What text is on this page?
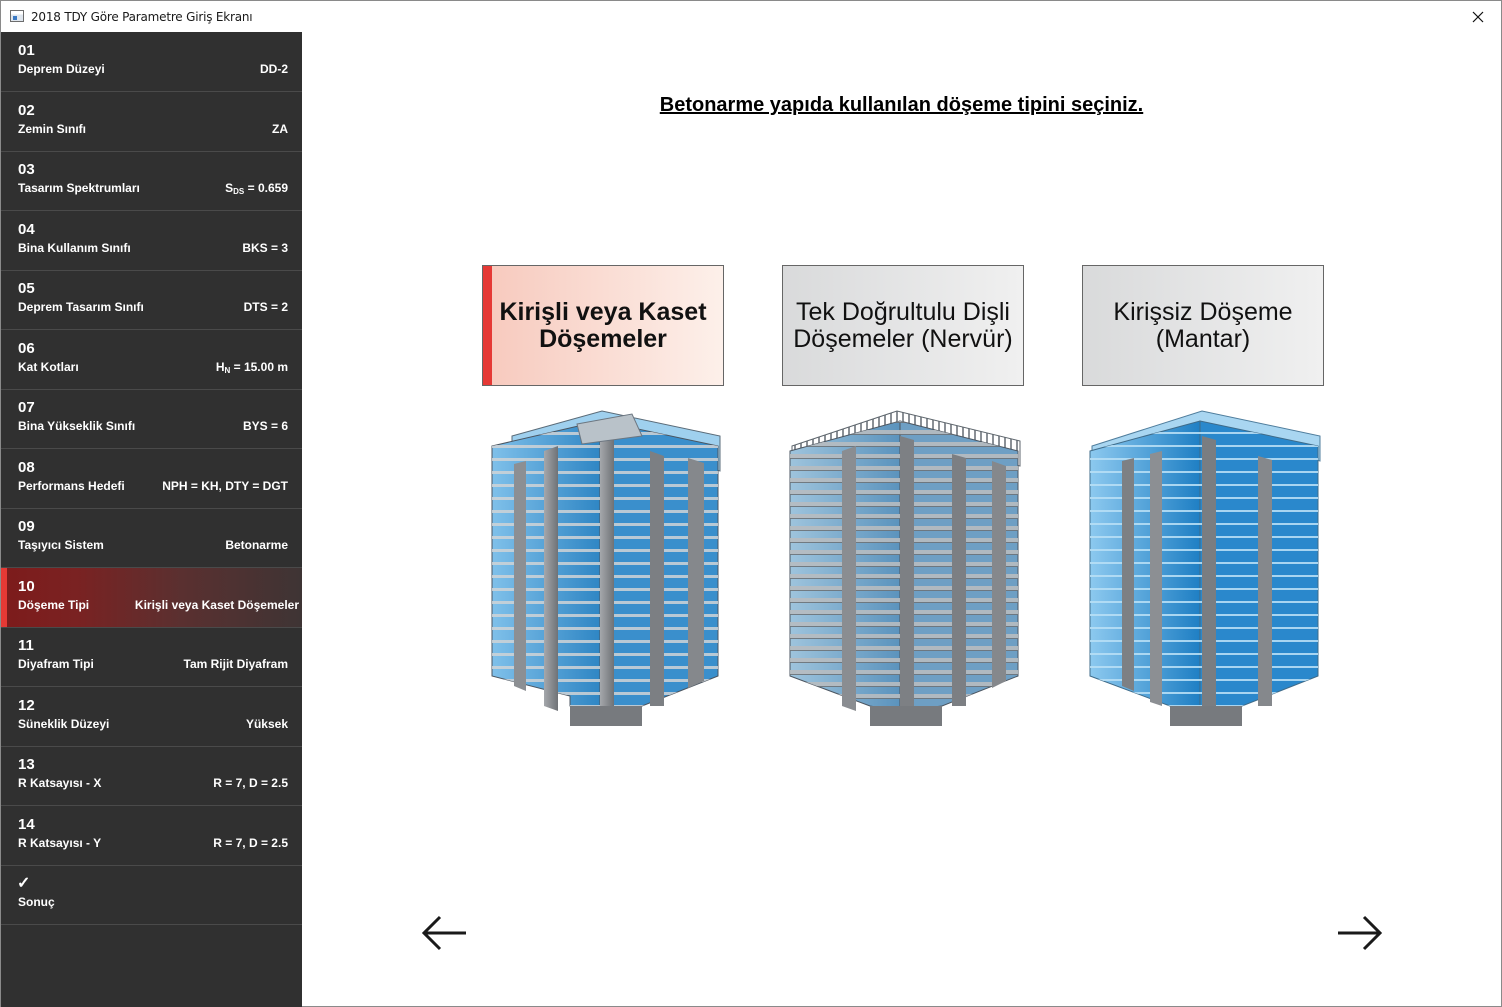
2018 TDY Göre Parametre Giriş Ekranı
01
Deprem Düzeyi	DD-2
02
Zemin Sınıfı	ZA
03
Tasarım Spektrumları	$S_{DS} = 0.659$
04
Bina Kullanım Sınıfı	BKS = 3
05
Deprem Tasarım Sınıfı	DTS = 2
06
Kat Kotları	$H_N = 15.00$ m
07
Bina Yükseklik Sınıfı	BYS = 6
08
Performans Hedefi	NPH = KH, DTY = DGT
09
Taşıyıcı Sistem	Betonarme
10
Döşeme Tipi	Kirişli veya Kaset Döşemeler
11
Diyafram Tipi	Tam Rijit Diyafram
12
Süneklik Düzeyi	Yüksek
13
R Katsayısı - X	R = 7, D = 2.5
14
R Katsayısı - Y	R = 7, D = 2.5
✓
Sonuç
Betonarme yapıda kullanılan döşeme tipini seçiniz.
Kirişli veya Kaset Döşemeler
Tek Doğrultulu Dişli Döşemeler (Nervür)
Kirişsiz Döşeme (Mantar)
